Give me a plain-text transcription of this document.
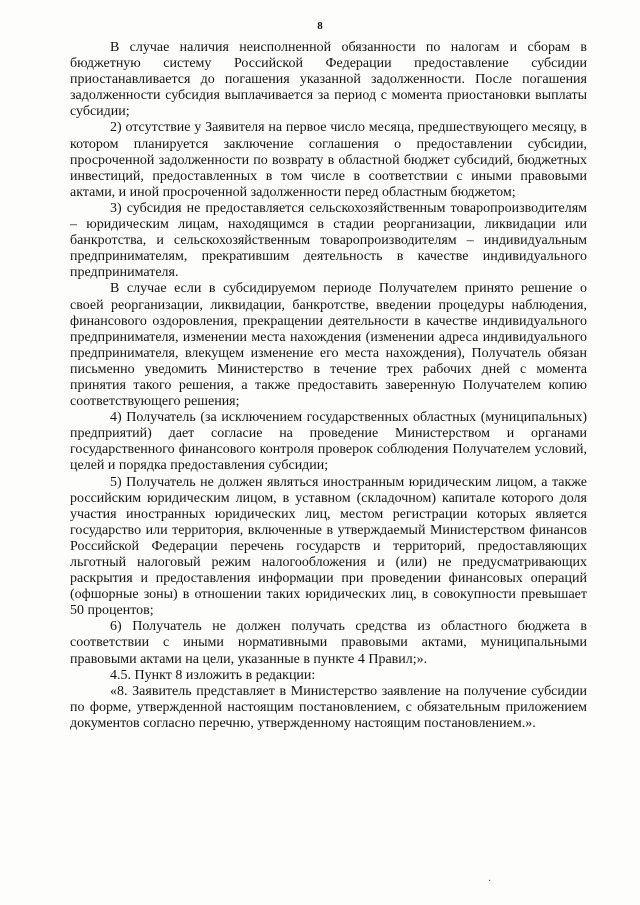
8

В случае наличия неисполненной обязанности по налогам и сборам в бюджетную систему Российской Федерации предоставление субсидии приостанавливается до погашения указанной задолженности. После погашения задолженности субсидия выплачивается за период с момента приостановки выплаты субсидии;

2) отсутствие у Заявителя на первое число месяца, предшествующего месяцу, в котором планируется заключение соглашения о предоставлении субсидии, просроченной задолженности по возврату в областной бюджет субсидий, бюджетных инвестиций, предоставленных в том числе в соответствии с иными правовыми актами, и иной просроченной задолженности перед областным бюджетом;

3) субсидия не предоставляется сельскохозяйственным товаропроизводителям – юридическим лицам, находящимся в стадии реорганизации, ликвидации или банкротства, и сельскохозяйственным товаропроизводителям – индивидуальным предпринимателям, прекратившим деятельность в качестве индивидуального предпринимателя.

В случае если в субсидируемом периоде Получателем принято решение о своей реорганизации, ликвидации, банкротстве, введении процедуры наблюдения, финансового оздоровления, прекращении деятельности в качестве индивидуального предпринимателя, изменении места нахождения (изменении адреса индивидуального предпринимателя, влекущем изменение его места нахождения), Получатель обязан письменно уведомить Министерство в течение трех рабочих дней с момента принятия такого решения, а также предоставить заверенную Получателем копию соответствующего решения;

4) Получатель (за исключением государственных областных (муниципальных) предприятий) дает согласие на проведение Министерством и органами государственного финансового контроля проверок соблюдения Получателем условий, целей и порядка предоставления субсидии;

5) Получатель не должен являться иностранным юридическим лицом, а также российским юридическим лицом, в уставном (складочном) капитале которого доля участия иностранных юридических лиц, местом регистрации которых является государство или территория, включенные в утверждаемый Министерством финансов Российской Федерации перечень государств и территорий, предоставляющих льготный налоговый режим налогообложения и (или) не предусматривающих раскрытия и предоставления информации при проведении финансовых операций (офшорные зоны) в отношении таких юридических лиц, в совокупности превышает 50 процентов;

6) Получатель не должен получать средства из областного бюджета в соответствии с иными нормативными правовыми актами, муниципальными правовыми актами на цели, указанные в пункте 4 Правил;».

4.5. Пункт 8 изложить в редакции:

«8. Заявитель представляет в Министерство заявление на получение субсидии по форме, утвержденной настоящим постановлением, с обязательным приложением документов согласно перечню, утвержденному настоящим постановлением.».

·
